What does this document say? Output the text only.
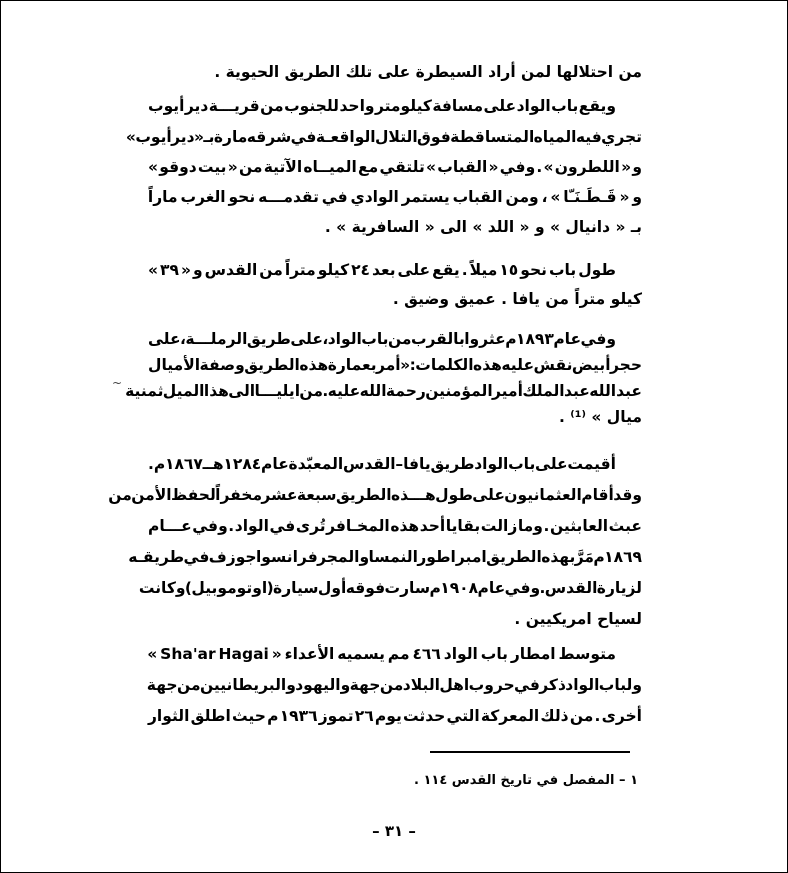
من احتلالها لمن أراد السيطرة على تلك الطريق الحيوية .
ويقع باب الواد على مسافة كيلومتر واحد للجنوب من قريـــة دير أيوب
تجري فيه المياه المتساقطة فوق التلال الواقعـة في شرقه مارة بـ « دير أيوب »
و « اللطرون » . وفي « القباب » تلتقي مع الميــاه الآتية من « بيت دوقو »
و « قَـطَـنَـّا » ، ومن القباب يستمر الوادي في تقدمـــه نحو الغرب ماراً
بـ « دانيال » و « اللد » الى « السافرية » .
طول باب نحو ١٥ ميلاً . يقع على بعد ٢٤ كيلو متراً من القدس و « ٣٩ »
كيلو متراً من يافا . عميق وضيق .
وفي عام ١٨٩٣ م عثروا بالقرب من باب الواد ، على طريق الرملـــة ، على
حجر أبيض نقش عليه هذه الكلمات : « أمر بعمارة هذه الطريق وصفة الأميال
عبدالله عبد الملك أمير المؤمنين رحمة الله عليه . من ايليـــا الى هذا الميل ثمنية
ميال » ⁽¹⁾ .
~
أقيمت على باب الواد طريق يافا– القدس المعبّدة عام ١٢٨٤ هـ ـ ١٨٦٧ م.
وقد أقام العثمانيون على طول هـــذه الطريق سبعة عشر مخفراً لحفظ الأمن من
عبث العابثين . وما زالت بقايا أحد هذه المخـافر تُرى في الواد . وفي عـــام
١٨٦٩ م مَرَّ بهذه الطريق امبراطور النمسا والمجر فرانسوا جوزف في طريقـه
لزيارة القدس . وفي عام ١٩٠٨ م سارت فوقه أول سيارة ( اوتوموبيل ) وكانت
لسياح امريكيين .
متوسط امطار باب الواد ٤٦٦ مم يسميه الأعداء « Sha'ar Hagai »
ولباب الواد ذكر في حروب اهل البلاد من جهة واليهود والبريطانيين من جهة
أخرى . من ذلك المعركة التي حدثت يوم ٢٦ تموز ١٩٣٦ م حيث اطلق الثوار
١ – المفصل في تاريخ القدس ١١٤ .
– ٣١ –
